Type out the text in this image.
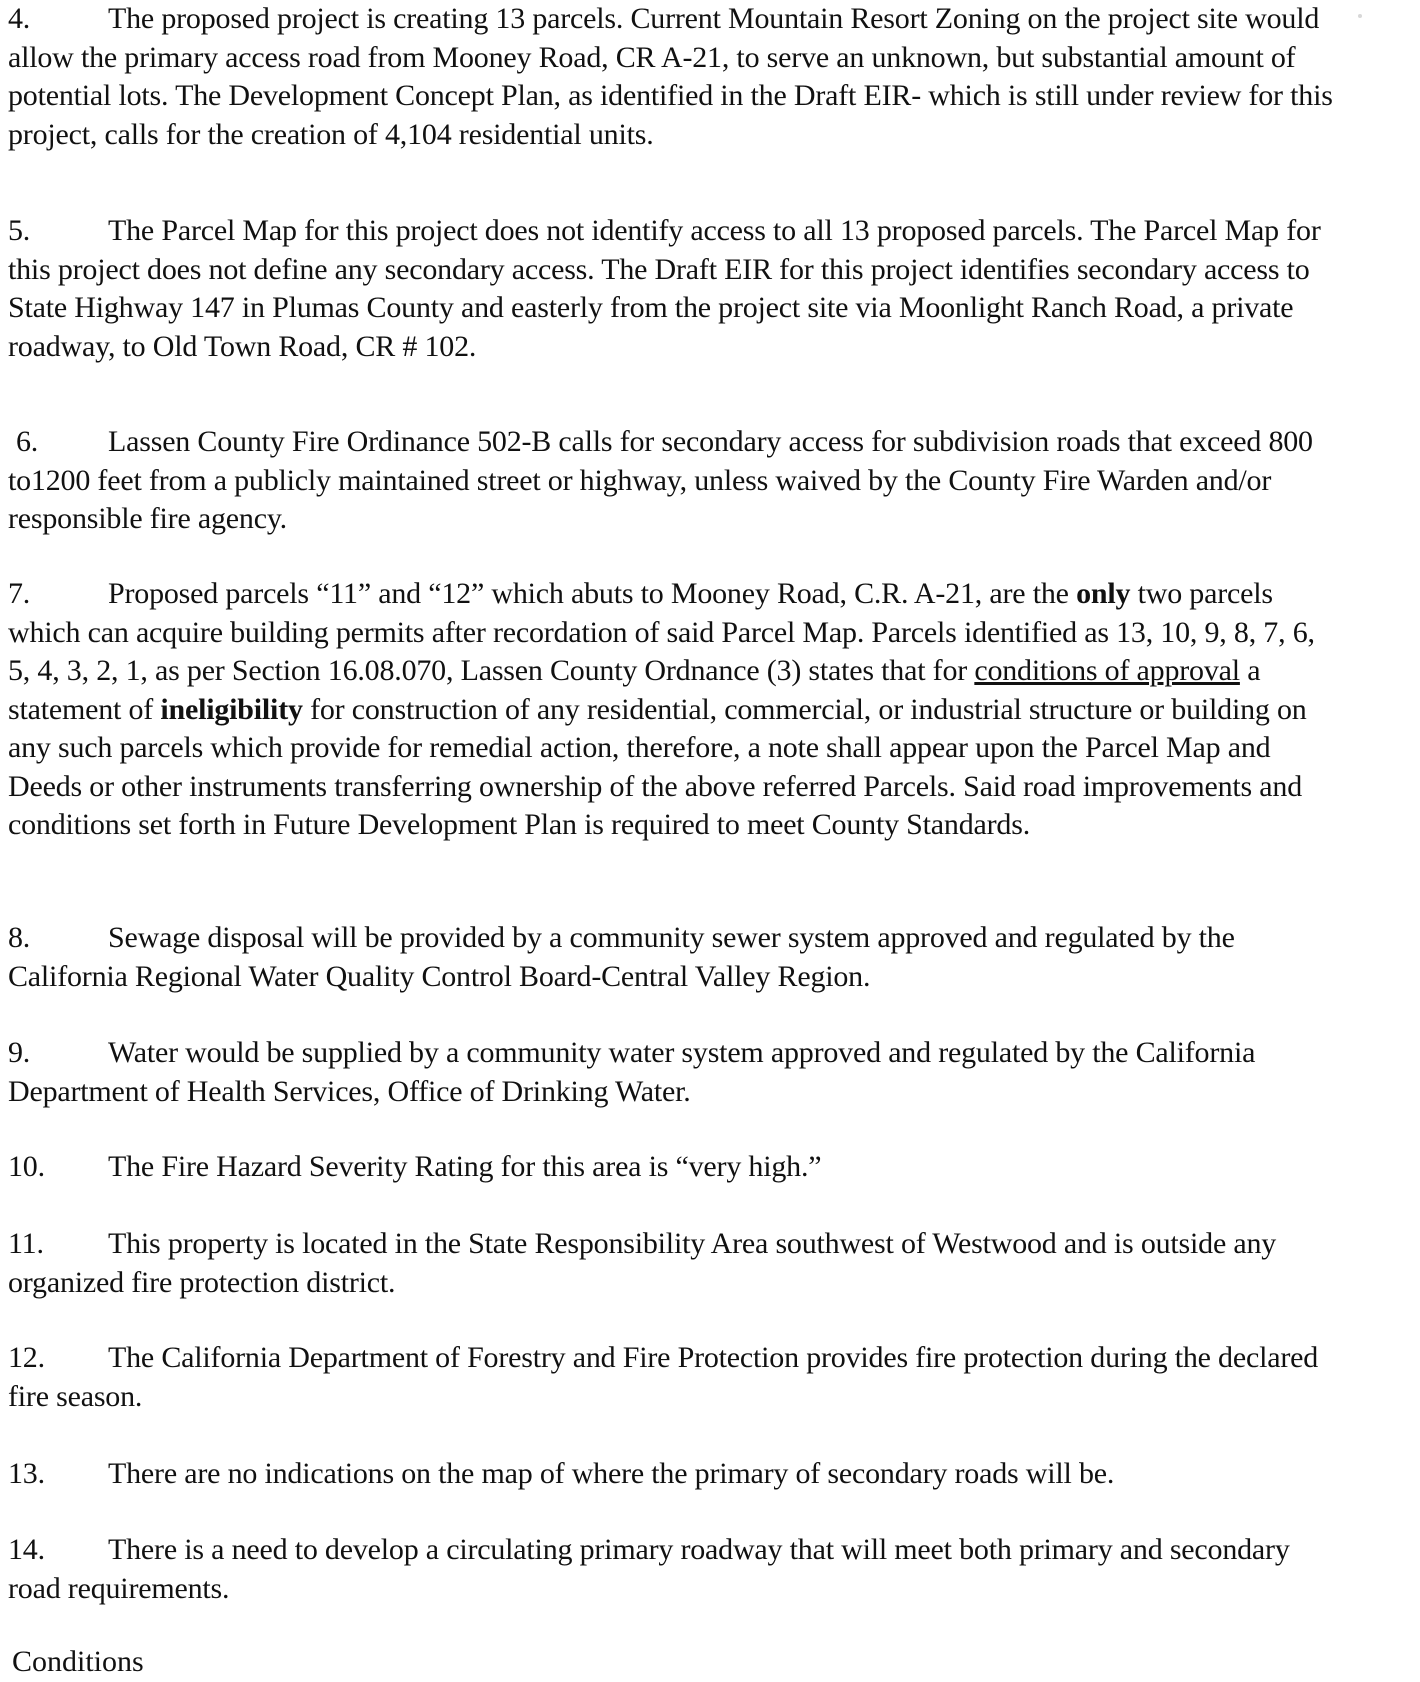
4.	The proposed project is creating 13 parcels. Current Mountain Resort Zoning on the project site would allow the primary access road from Mooney Road, CR A-21, to serve an unknown, but substantial amount of potential lots. The Development Concept Plan, as identified in the Draft EIR- which is still under review for this project, calls for the creation of 4,104 residential units.

5.	The Parcel Map for this project does not identify access to all 13 proposed parcels. The Parcel Map for this project does not define any secondary access. The Draft EIR for this project identifies secondary access to State Highway 147 in Plumas County and easterly from the project site via Moonlight Ranch Road, a private roadway, to Old Town Road, CR # 102.

6. Lassen County Fire Ordinance 502-B calls for secondary access for subdivision roads that exceed 800 to1200 feet from a publicly maintained street or highway, unless waived by the County Fire Warden and/or responsible fire agency.

7.	Proposed parcels “11” and “12” which abuts to Mooney Road, C.R. A-21, are the only two parcels which can acquire building permits after recordation of said Parcel Map. Parcels identified as 13, 10, 9, 8, 7, 6, 5, 4, 3, 2, 1, as per Section 16.08.070, Lassen County Ordnance (3) states that for conditions of approval a statement of ineligibility for construction of any residential, commercial, or industrial structure or building on any such parcels which provide for remedial action, therefore, a note shall appear upon the Parcel Map and Deeds or other instruments transferring ownership of the above referred Parcels. Said road improvements and conditions set forth in Future Development Plan is required to meet County Standards.

8.	Sewage disposal will be provided by a community sewer system approved and regulated by the California Regional Water Quality Control Board-Central Valley Region.

9.	Water would be supplied by a community water system approved and regulated by the California Department of Health Services, Office of Drinking Water.

10. The Fire Hazard Severity Rating for this area is “very high.”

11. This property is located in the State Responsibility Area southwest of Westwood and is outside any organized fire protection district.

12. The California Department of Forestry and Fire Protection provides fire protection during the declared fire season.

13. There are no indications on the map of where the primary of secondary roads will be.

14. There is a need to develop a circulating primary roadway that will meet both primary and secondary road requirements.

Conditions
